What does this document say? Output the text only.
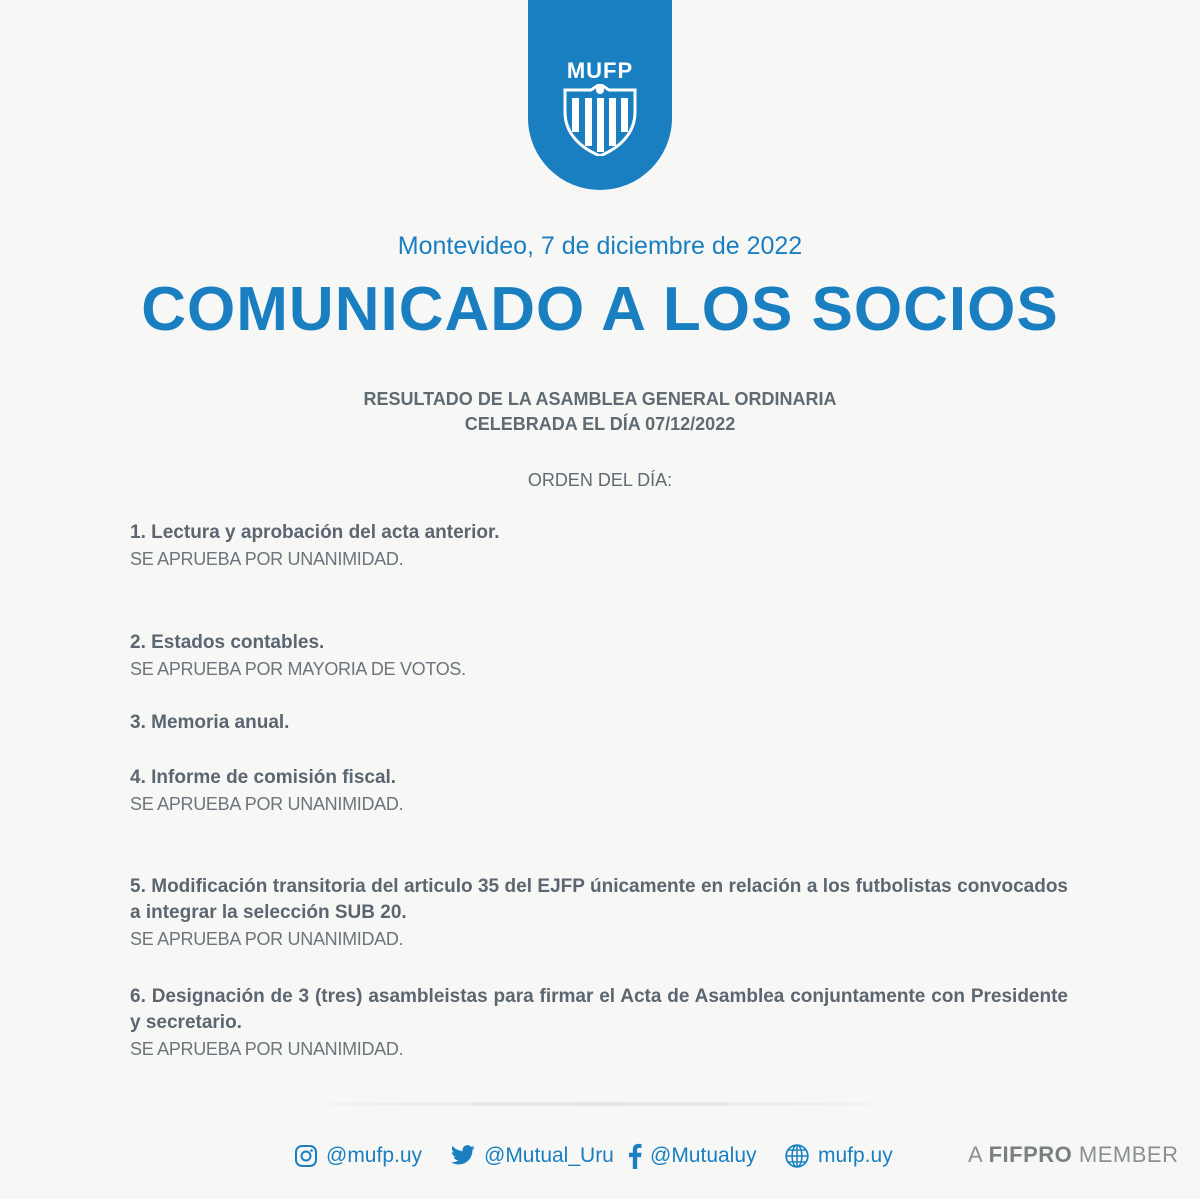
MUFP
Montevideo, 7 de diciembre de 2022
COMUNICADO A LOS SOCIOS
RESULTADO DE LA ASAMBLEA GENERAL ORDINARIA
CELEBRADA EL DÍA 07/12/2022
ORDEN DEL DÍA:
1. Lectura y aprobación del acta anterior.
SE APRUEBA POR UNANIMIDAD.
2. Estados contables.
SE APRUEBA POR MAYORIA DE VOTOS.
3. Memoria anual.
4. Informe de comisión fiscal.
SE APRUEBA POR UNANIMIDAD.
5. Modificación transitoria del articulo 35 del EJFP únicamente en relación a los futbolistas convocados a integrar la selección SUB 20.
SE APRUEBA POR UNANIMIDAD.
6. Designación de 3 (tres) asambleistas para firmar el Acta de Asamblea conjuntamente con Presidente y secretario.
SE APRUEBA POR UNANIMIDAD.
@mufp.uy	@Mutual_Uru @Mutualuy	mufp.uy	A FIFPRO MEMBER
